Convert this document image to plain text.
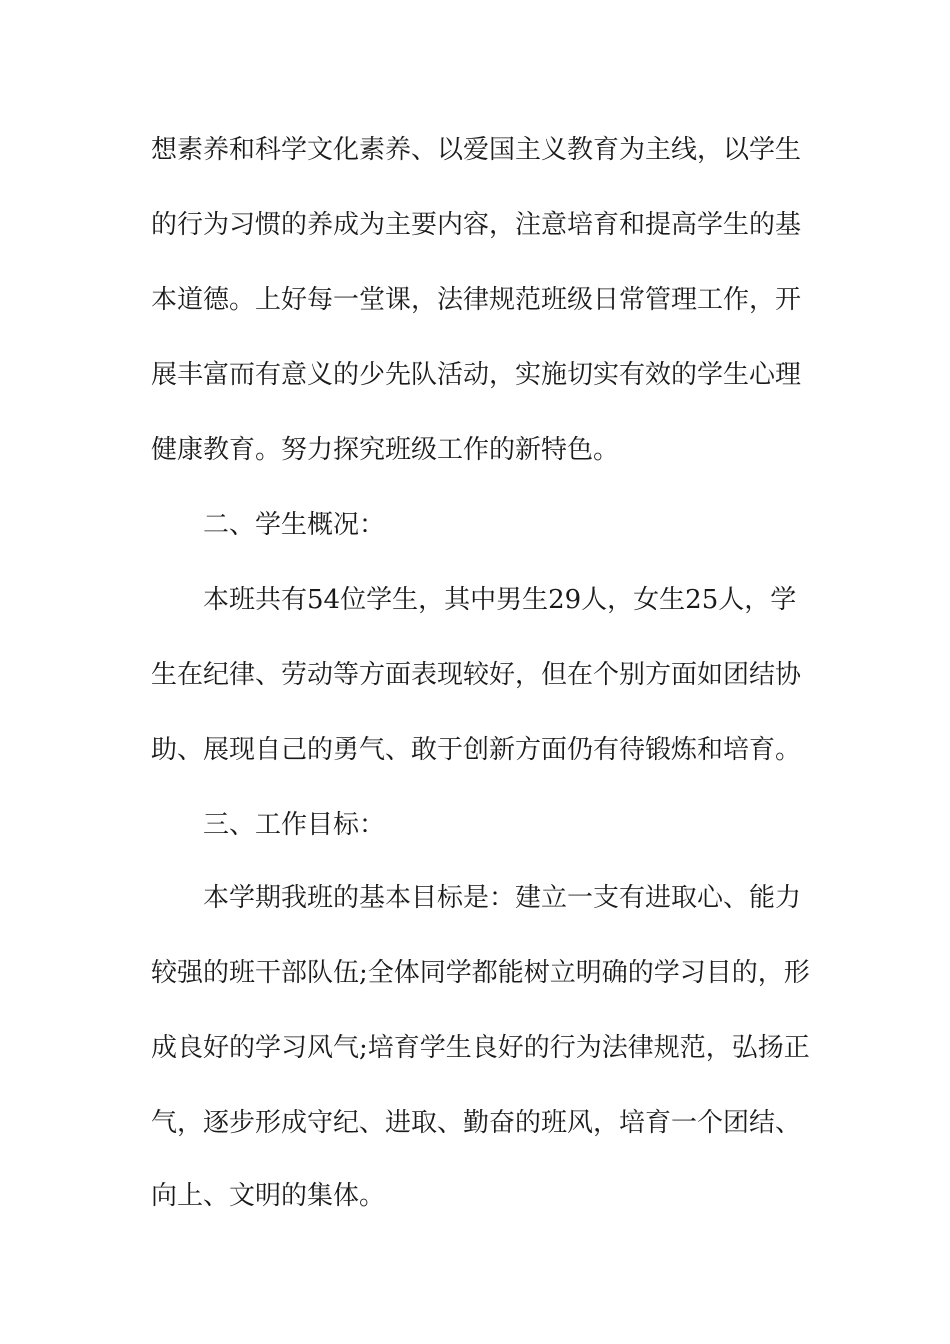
想素养和科学文化素养、以爱国主义教育为主线，以学生
的行为习惯的养成为主要内容，注意培育和提高学生的基
本道德。上好每一堂课，法律规范班级日常管理工作，开
展丰富而有意义的少先队活动，实施切实有效的学生心理
健康教育。努力探究班级工作的新特色。
二、学生概况：
本班共有54位学生，其中男生29人，女生25人，学
生在纪律、劳动等方面表现较好，但在个别方面如团结协
助、展现自己的勇气、敢于创新方面仍有待锻炼和培育。
三、工作目标：
本学期我班的基本目标是：建立一支有进取心、能力
较强的班干部队伍;全体同学都能树立明确的学习目的，形
成良好的学习风气;培育学生良好的行为法律规范，弘扬正
气，逐步形成守纪、进取、勤奋的班风，培育一个团结、
向上、文明的集体。
